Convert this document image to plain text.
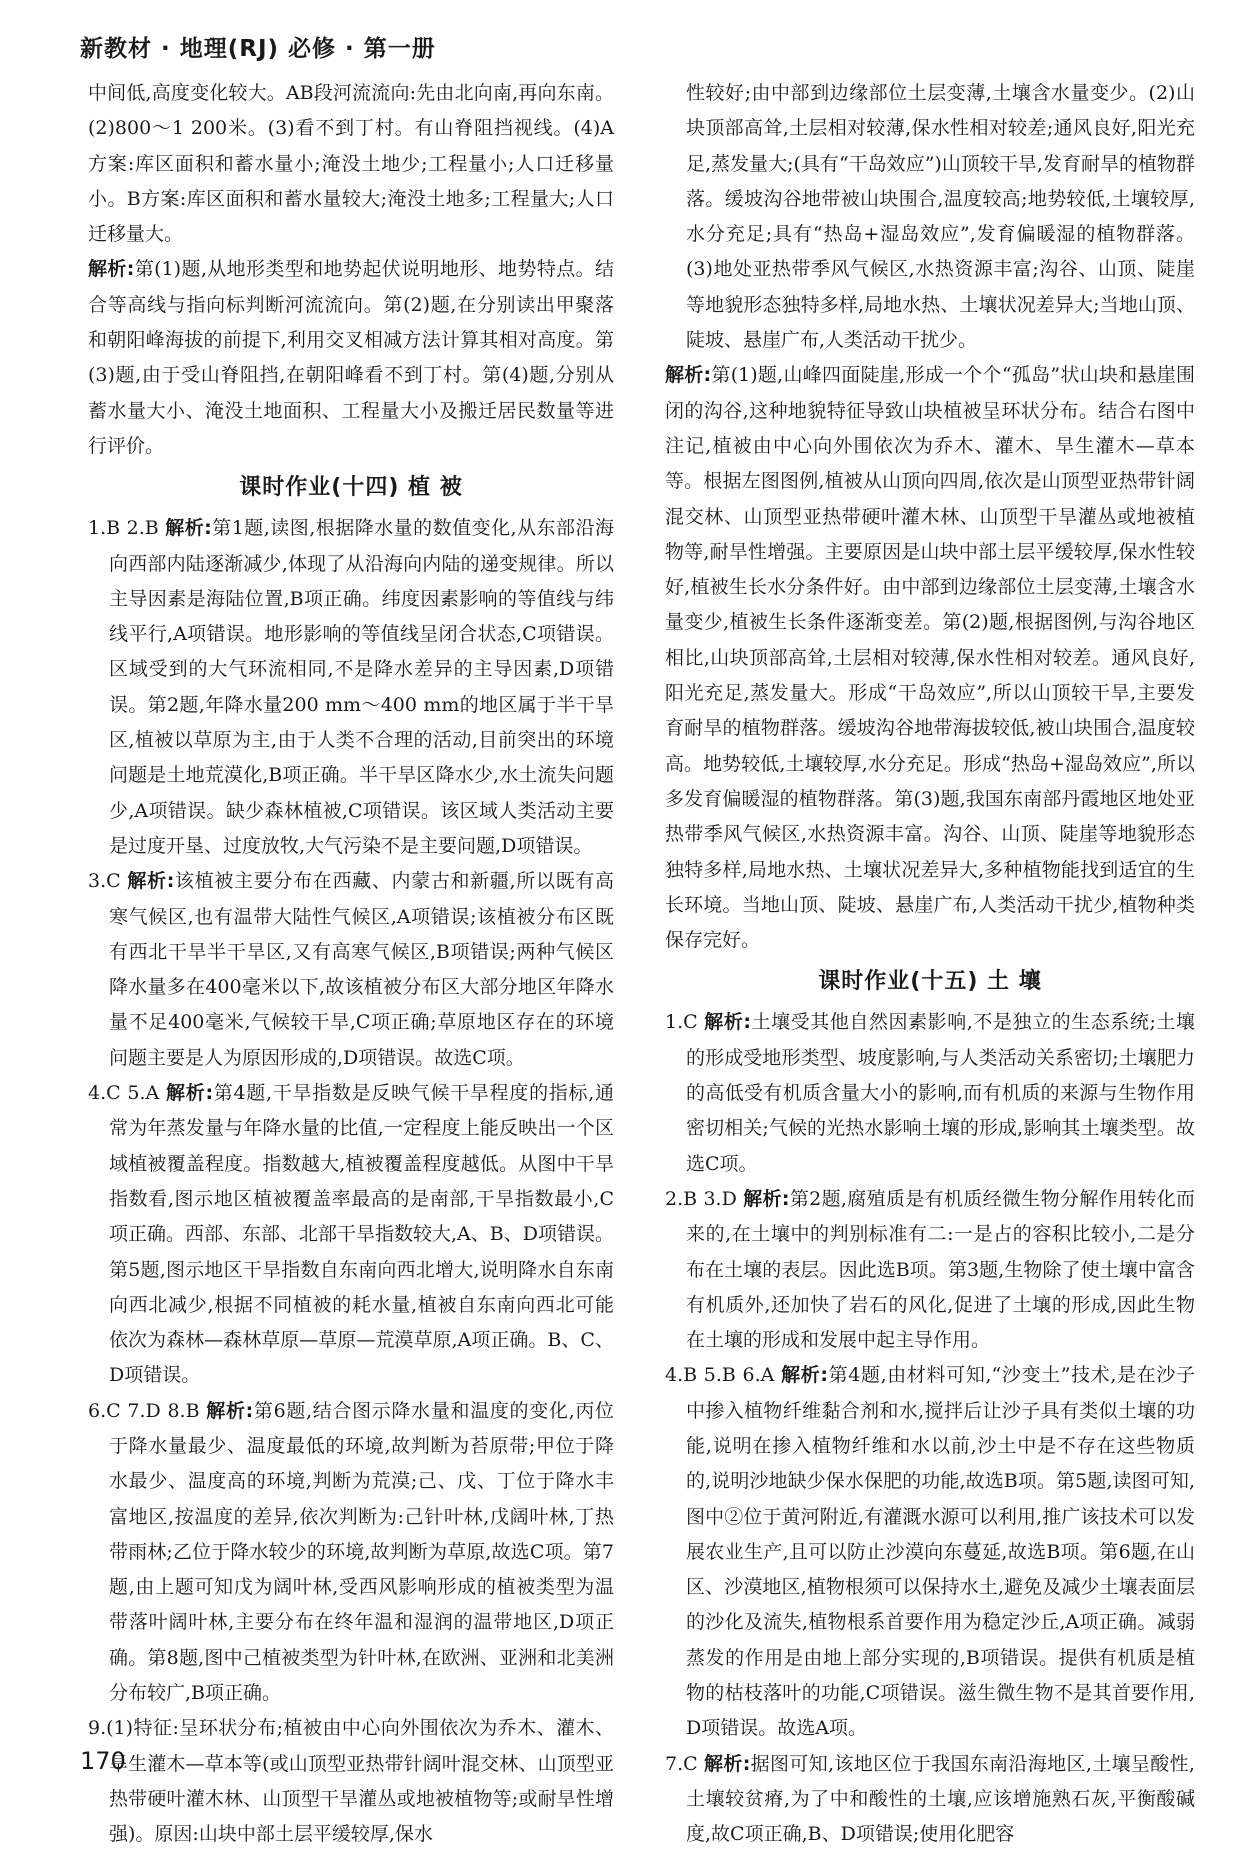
新教材 · 地理(RJ) 必修 · 第一册
中间低,高度变化较大。AB段河流流向:先由北向南,再向东南。(2)800～1 200米。(3)看不到丁村。有山脊阻挡视线。(4)A方案:库区面积和蓄水量小;淹没土地少;工程量小;人口迁移量小。B方案:库区面积和蓄水量较大;淹没土地多;工程量大;人口迁移量大。
解析:第(1)题,从地形类型和地势起伏说明地形、地势特点。结合等高线与指向标判断河流流向。第(2)题,在分别读出甲聚落和朝阳峰海拔的前提下,利用交叉相减方法计算其相对高度。第(3)题,由于受山脊阻挡,在朝阳峰看不到丁村。第(4)题,分别从蓄水量大小、淹没土地面积、工程量大小及搬迁居民数量等进行评价。
课时作业(十四) 植 被
1.B 2.B 解析:第1题,读图,根据降水量的数值变化,从东部沿海向西部内陆逐渐减少,体现了从沿海向内陆的递变规律。所以主导因素是海陆位置,B项正确。纬度因素影响的等值线与纬线平行,A项错误。地形影响的等值线呈闭合状态,C项错误。区域受到的大气环流相同,不是降水差异的主导因素,D项错误。第2题,年降水量200 mm～400 mm的地区属于半干旱区,植被以草原为主,由于人类不合理的活动,目前突出的环境问题是土地荒漠化,B项正确。半干旱区降水少,水土流失问题少,A项错误。缺少森林植被,C项错误。该区域人类活动主要是过度开垦、过度放牧,大气污染不是主要问题,D项错误。
3.C 解析:该植被主要分布在西藏、内蒙古和新疆,所以既有高寒气候区,也有温带大陆性气候区,A项错误;该植被分布区既有西北干旱半干旱区,又有高寒气候区,B项错误;两种气候区降水量多在400毫米以下,故该植被分布区大部分地区年降水量不足400毫米,气候较干旱,C项正确;草原地区存在的环境问题主要是人为原因形成的,D项错误。故选C项。
4.C 5.A 解析:第4题,干旱指数是反映气候干旱程度的指标,通常为年蒸发量与年降水量的比值,一定程度上能反映出一个区域植被覆盖程度。指数越大,植被覆盖程度越低。从图中干旱指数看,图示地区植被覆盖率最高的是南部,干旱指数最小,C项正确。西部、东部、北部干旱指数较大,A、B、D项错误。第5题,图示地区干旱指数自东南向西北增大,说明降水自东南向西北减少,根据不同植被的耗水量,植被自东南向西北可能依次为森林—森林草原—草原—荒漠草原,A项正确。B、C、D项错误。
6.C 7.D 8.B 解析:第6题,结合图示降水量和温度的变化,丙位于降水量最少、温度最低的环境,故判断为苔原带;甲位于降水最少、温度高的环境,判断为荒漠;己、戊、丁位于降水丰富地区,按温度的差异,依次判断为:己针叶林,戊阔叶林,丁热带雨林;乙位于降水较少的环境,故判断为草原,故选C项。第7题,由上题可知戊为阔叶林,受西风影响形成的植被类型为温带落叶阔叶林,主要分布在终年温和湿润的温带地区,D项正确。第8题,图中己植被类型为针叶林,在欧洲、亚洲和北美洲分布较广,B项正确。
9.(1)特征:呈环状分布;植被由中心向外围依次为乔木、灌木、旱生灌木—草本等(或山顶型亚热带针阔叶混交林、山顶型亚热带硬叶灌木林、山顶型干旱灌丛或地被植物等;或耐旱性增强)。原因:山块中部土层平缓较厚,保水
性较好;由中部到边缘部位土层变薄,土壤含水量变少。(2)山块顶部高耸,土层相对较薄,保水性相对较差;通风良好,阳光充足,蒸发量大;(具有“干岛效应”)山顶较干旱,发育耐旱的植物群落。缓坡沟谷地带被山块围合,温度较高;地势较低,土壤较厚,水分充足;具有“热岛+湿岛效应”,发育偏暖湿的植物群落。(3)地处亚热带季风气候区,水热资源丰富;沟谷、山顶、陡崖等地貌形态独特多样,局地水热、土壤状况差异大;当地山顶、陡坡、悬崖广布,人类活动干扰少。
解析:第(1)题,山峰四面陡崖,形成一个个“孤岛”状山块和悬崖围闭的沟谷,这种地貌特征导致山块植被呈环状分布。结合右图中注记,植被由中心向外围依次为乔木、灌木、旱生灌木—草本等。根据左图图例,植被从山顶向四周,依次是山顶型亚热带针阔混交林、山顶型亚热带硬叶灌木林、山顶型干旱灌丛或地被植物等,耐旱性增强。主要原因是山块中部土层平缓较厚,保水性较好,植被生长水分条件好。由中部到边缘部位土层变薄,土壤含水量变少,植被生长条件逐渐变差。第(2)题,根据图例,与沟谷地区相比,山块顶部高耸,土层相对较薄,保水性相对较差。通风良好,阳光充足,蒸发量大。形成“干岛效应”,所以山顶较干旱,主要发育耐旱的植物群落。缓坡沟谷地带海拔较低,被山块围合,温度较高。地势较低,土壤较厚,水分充足。形成“热岛+湿岛效应”,所以多发育偏暖湿的植物群落。第(3)题,我国东南部丹霞地区地处亚热带季风气候区,水热资源丰富。沟谷、山顶、陡崖等地貌形态独特多样,局地水热、土壤状况差异大,多种植物能找到适宜的生长环境。当地山顶、陡坡、悬崖广布,人类活动干扰少,植物种类保存完好。
课时作业(十五) 土 壤
1.C 解析:土壤受其他自然因素影响,不是独立的生态系统;土壤的形成受地形类型、坡度影响,与人类活动关系密切;土壤肥力的高低受有机质含量大小的影响,而有机质的来源与生物作用密切相关;气候的光热水影响土壤的形成,影响其土壤类型。故选C项。
2.B 3.D 解析:第2题,腐殖质是有机质经微生物分解作用转化而来的,在土壤中的判别标准有二:一是占的容积比较小,二是分布在土壤的表层。因此选B项。第3题,生物除了使土壤中富含有机质外,还加快了岩石的风化,促进了土壤的形成,因此生物在土壤的形成和发展中起主导作用。
4.B 5.B 6.A 解析:第4题,由材料可知,“沙变土”技术,是在沙子中掺入植物纤维黏合剂和水,搅拌后让沙子具有类似土壤的功能,说明在掺入植物纤维和水以前,沙土中是不存在这些物质的,说明沙地缺少保水保肥的功能,故选B项。第5题,读图可知,图中②位于黄河附近,有灌溉水源可以利用,推广该技术可以发展农业生产,且可以防止沙漠向东蔓延,故选B项。第6题,在山区、沙漠地区,植物根须可以保持水土,避免及减少土壤表面层的沙化及流失,植物根系首要作用为稳定沙丘,A项正确。减弱蒸发的作用是由地上部分实现的,B项错误。提供有机质是植物的枯枝落叶的功能,C项错误。滋生微生物不是其首要作用,D项错误。故选A项。
7.C 解析:据图可知,该地区位于我国东南沿海地区,土壤呈酸性,土壤较贫瘠,为了中和酸性的土壤,应该增施熟石灰,平衡酸碱度,故C项正确,B、D项错误;使用化肥容
170
